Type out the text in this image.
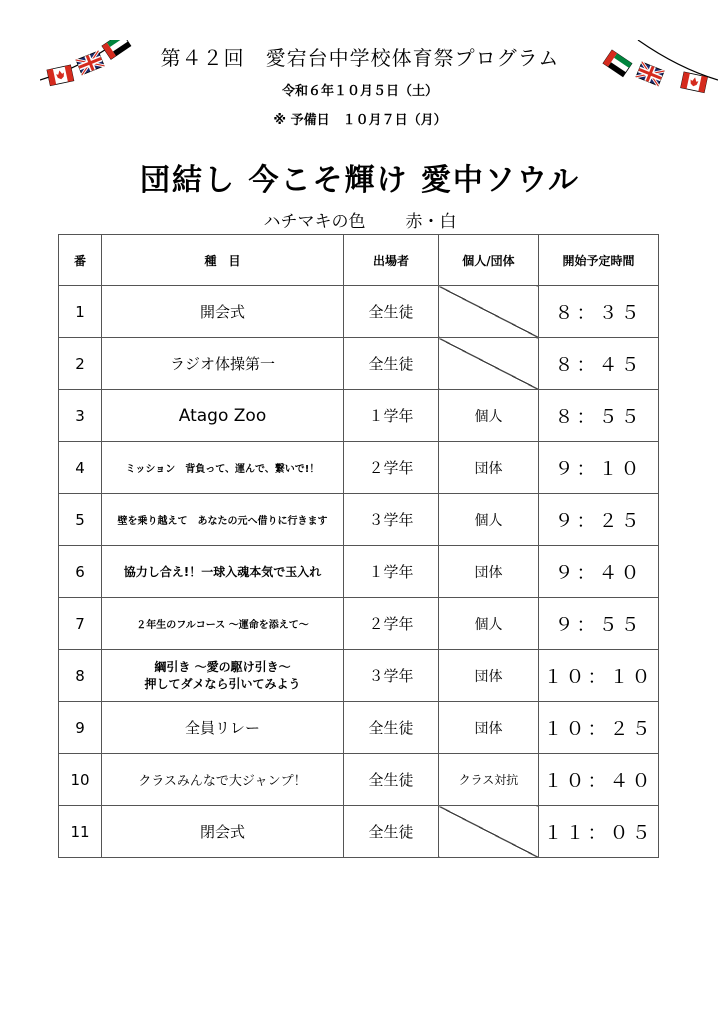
第４２回　愛宕台中学校体育祭プログラム
令和６年１０月５日（土）
※ 予備日　１０月７日（月）
団結し 今こそ輝け 愛中ソウル
ハチマキの色 赤・白
番	種　目	出場者	個人/団体	開始予定時間
1	開会式	全生徒		８：３５
2	ラジオ体操第一	全生徒		８：４５
3	Atago Zoo	１学年	個人	８：５５
4	ミッション　背負って、運んで、繋いで!！	２学年	団体	９：１０
5	壁を乗り越えて　あなたの元へ借りに行きます	３学年	個人	９：２５
6	協力し合え!！一球入魂本気で玉入れ	１学年	団体	９：４０
7	２年生のフルコース ～運命を添えて～	２学年	個人	９：５５
8	綱引き ～愛の駆け引き～
押してダメなら引いてみよう	３学年	団体	１０：１０
9	全員リレー	全生徒	団体	１０：２５
10	クラスみんなで大ジャンプ！	全生徒	クラス対抗	１０：４０
11	閉会式	全生徒		１１：０５
